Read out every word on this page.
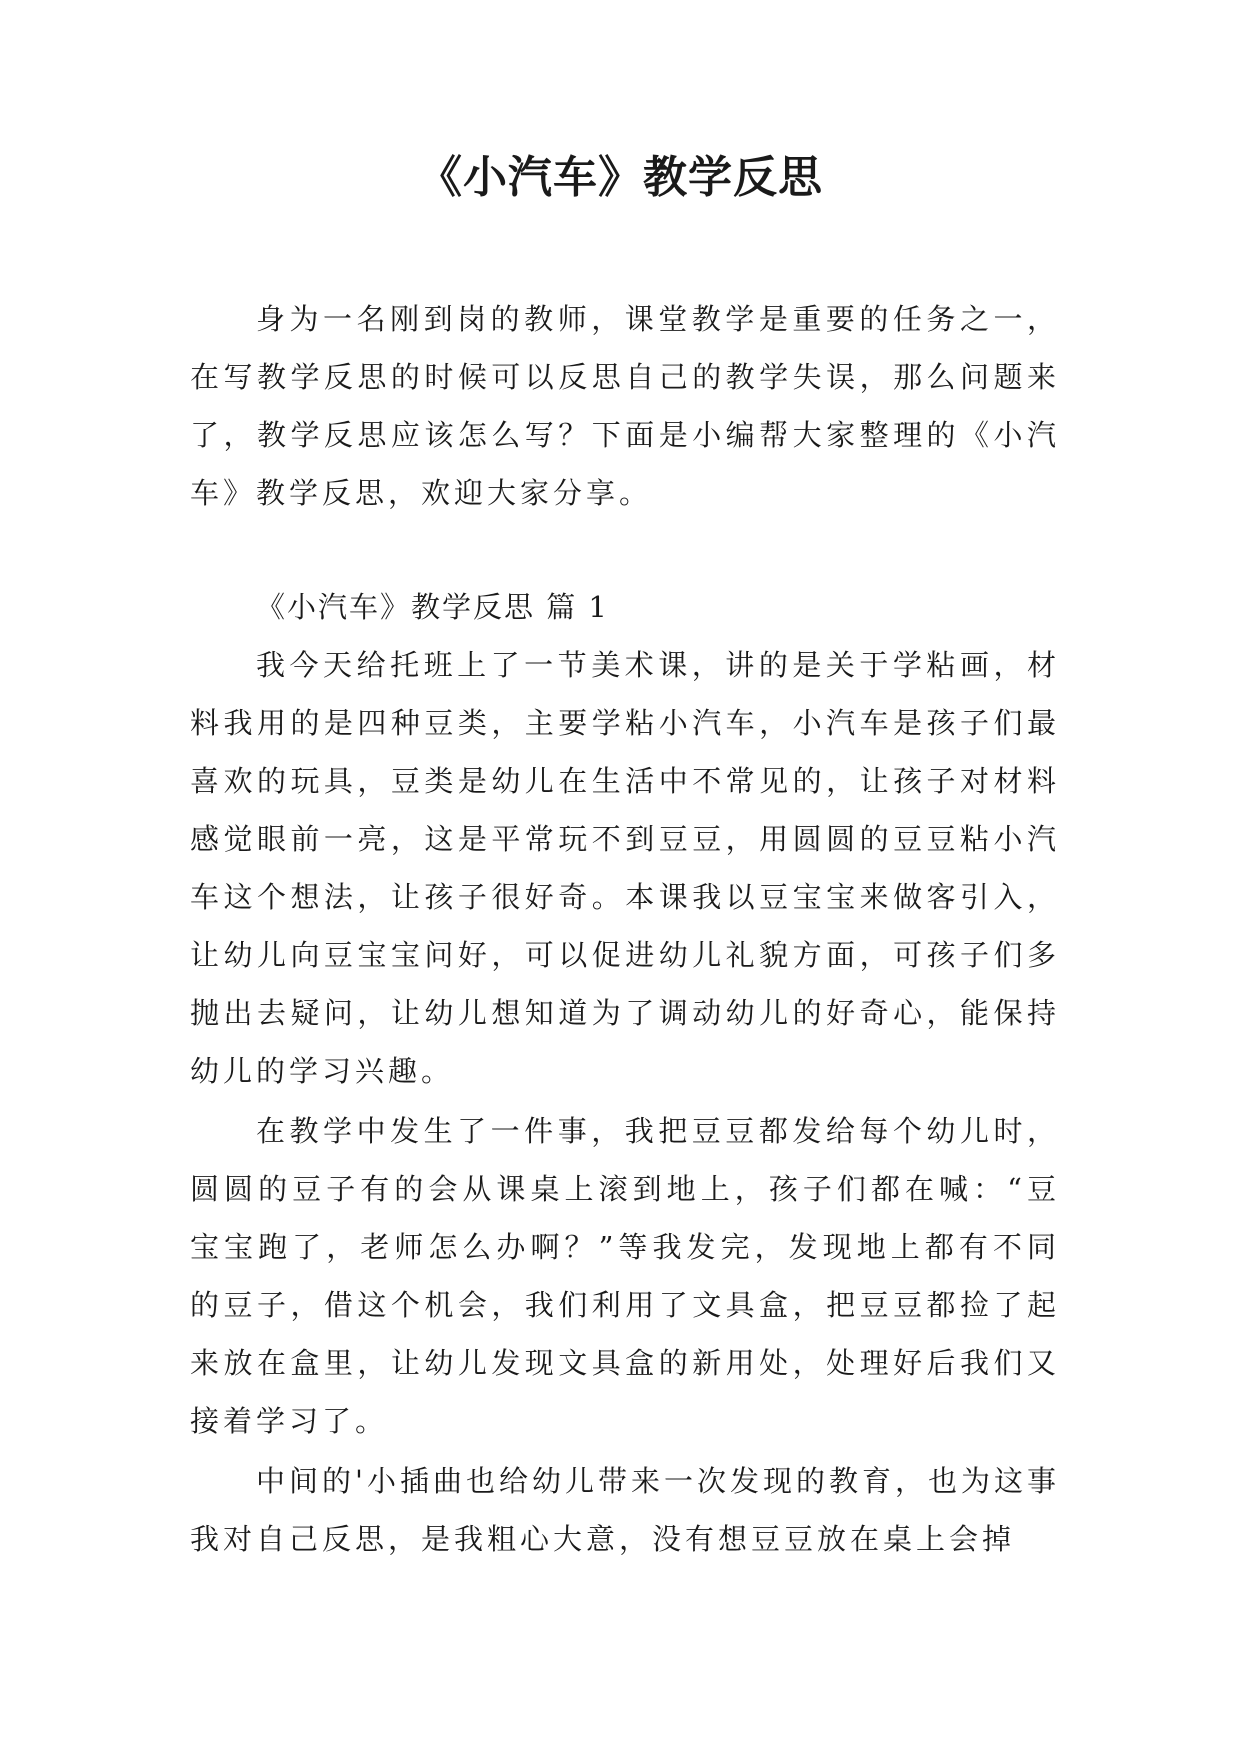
《小汽车》教学反思

身为一名刚到岗的教师，课堂教学是重要的任务之一，在写教学反思的时候可以反思自己的教学失误，那么问题来了，教学反思应该怎么写？下面是小编帮大家整理的《小汽车》教学反思，欢迎大家分享。

《小汽车》教学反思 篇 1

我今天给托班上了一节美术课，讲的是关于学粘画，材料我用的是四种豆类，主要学粘小汽车，小汽车是孩子们最喜欢的玩具，豆类是幼儿在生活中不常见的，让孩子对材料感觉眼前一亮，这是平常玩不到豆豆，用圆圆的豆豆粘小汽车这个想法，让孩子很好奇。本课我以豆宝宝来做客引入，让幼儿向豆宝宝问好，可以促进幼儿礼貌方面，可孩子们多抛出去疑问，让幼儿想知道为了调动幼儿的好奇心，能保持幼儿的学习兴趣。

在教学中发生了一件事，我把豆豆都发给每个幼儿时，圆圆的豆子有的会从课桌上滚到地上，孩子们都在喊：“豆宝宝跑了，老师怎么办啊？”等我发完，发现地上都有不同的豆子，借这个机会，我们利用了文具盒，把豆豆都捡了起来放在盒里，让幼儿发现文具盒的新用处，处理好后我们又接着学习了。

中间的'小插曲也给幼儿带来一次发现的教育，也为这事我对自己反思，是我粗心大意，没有想豆豆放在桌上会掉
